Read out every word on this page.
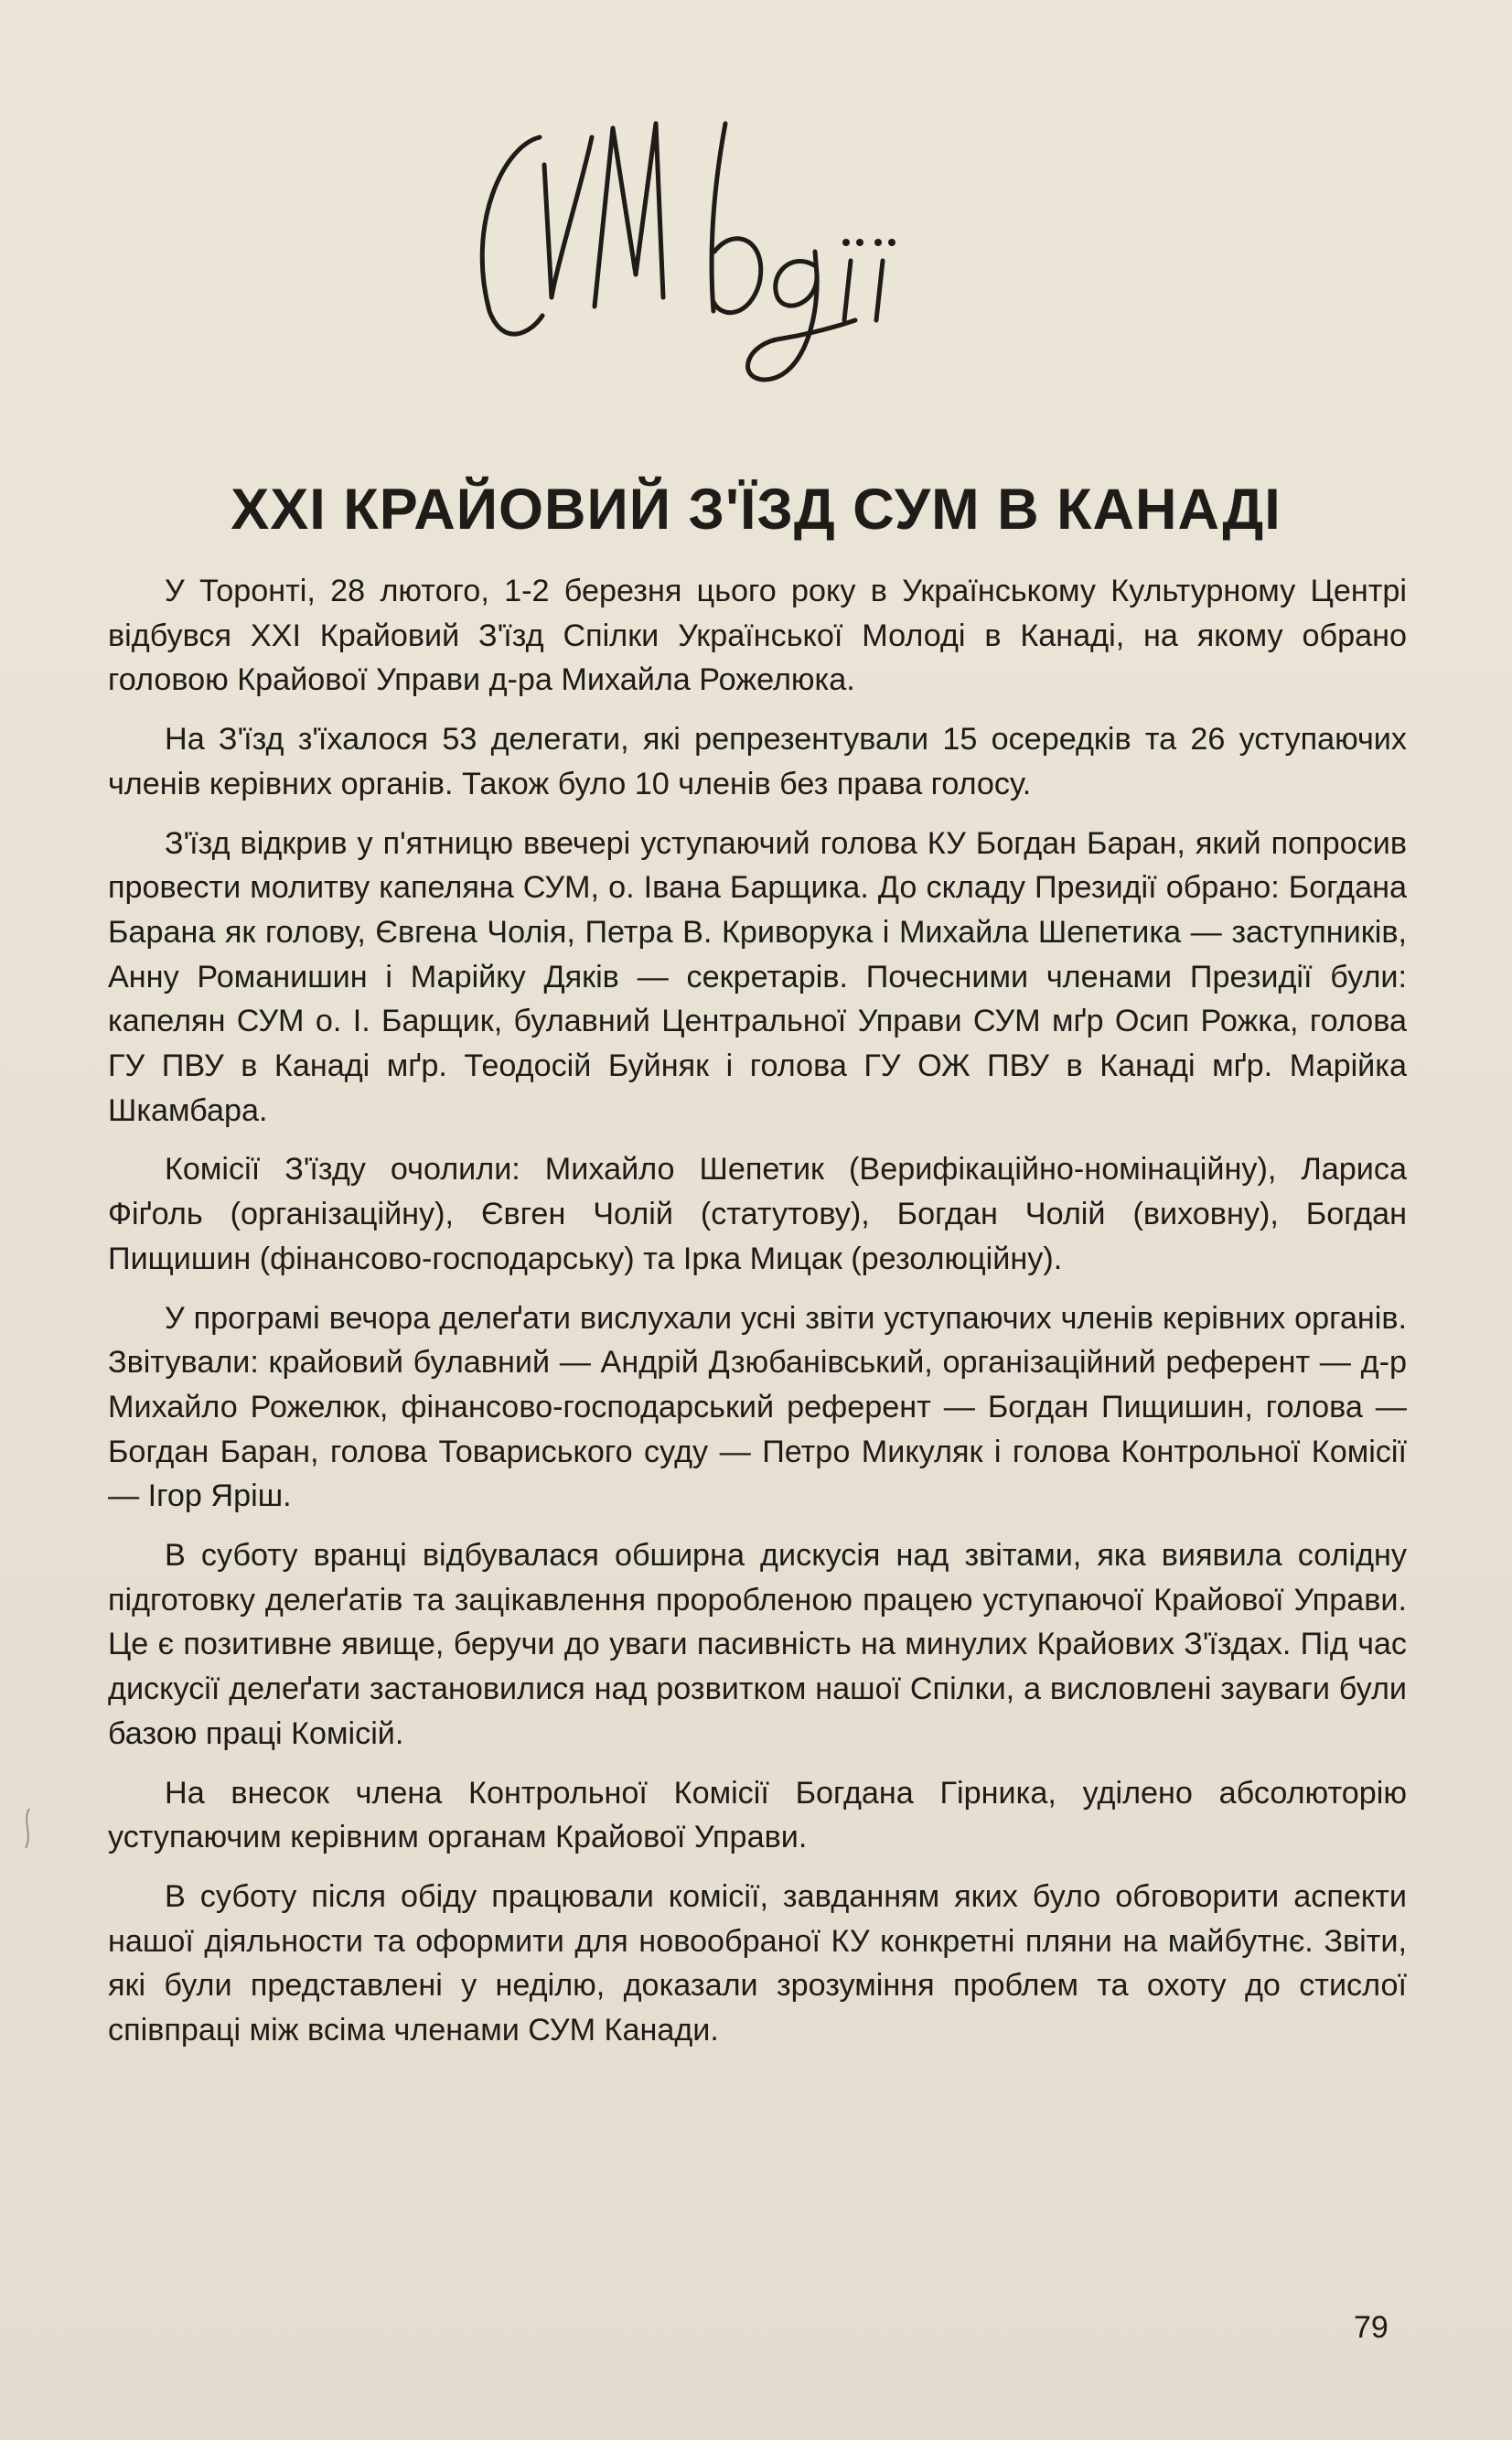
XXI КРАЙОВИЙ З'ЇЗД СУМ В КАНАДІ

У Торонті, 28 лютого, 1-2 березня цього року в Українському Культурному Центрі відбувся XXI Крайовий З'їзд Спілки Української Молоді в Канаді, на якому обрано головою Крайової Управи д-ра Михайла Рожелюка.

На З'їзд з'їхалося 53 делегати, які репрезентували 15 осередків та 26 уступаючих членів керівних органів. Також було 10 членів без права голосу.

З'їзд відкрив у п'ятницю ввечері уступаючий голова КУ Богдан Баран, який попросив провести молитву капеляна СУМ, о. Івана Барщика. До складу Президії обрано: Богдана Барана як голову, Євгена Чолія, Петра В. Криворука і Михайла Шепетика — заступників, Анну Романишин і Марійку Дяків — секретарів. Почесними членами Президії були: капелян СУМ о. І. Барщик, булавний Центральної Управи СУМ мґр Осип Рожка, голова ГУ ПВУ в Канаді мґр. Теодосій Буйняк і голова ГУ ОЖ ПВУ в Канаді мґр. Марійка Шкамбара.

Комісії З'їзду очолили: Михайло Шепетик (Верифікаційно-номінаційну), Лариса Фіґоль (організаційну), Євген Чолій (статутову), Богдан Чолій (виховну), Богдан Пищишин (фінансово-господарську) та Ірка Мицак (резолюційну).

У програмі вечора делеґати вислухали усні звіти уступаючих членів керівних органів. Звітували: крайовий булавний — Андрій Дзюбанівський, організаційний референт — д-р Михайло Рожелюк, фінансово-господарський референт — Богдан Пищишин, голова — Богдан Баран, голова Товариського суду — Петро Микуляк і голова Контрольної Комісії — Ігор Яріш.

В суботу вранці відбувалася обширна дискусія над звітами, яка виявила солідну підготовку делеґатів та зацікавлення проробленою працею уступаючої Крайової Управи. Це є позитивне явище, беручи до уваги пасивність на минулих Крайових З'їздах. Під час дискусії делеґати застановилися над розвитком нашої Спілки, а висловлені зауваги були базою праці Комісій.

На внесок члена Контрольної Комісії Богдана Гірника, уділено абсолюторію уступаючим керівним органам Крайової Управи.

В суботу після обіду працювали комісії, завданням яких було обговорити аспекти нашої діяльности та оформити для новообраної КУ конкретні пляни на майбутнє. Звіти, які були представлені у неділю, доказали зрозуміння проблем та охоту до стислої співпраці між всіма членами СУМ Канади.

79
